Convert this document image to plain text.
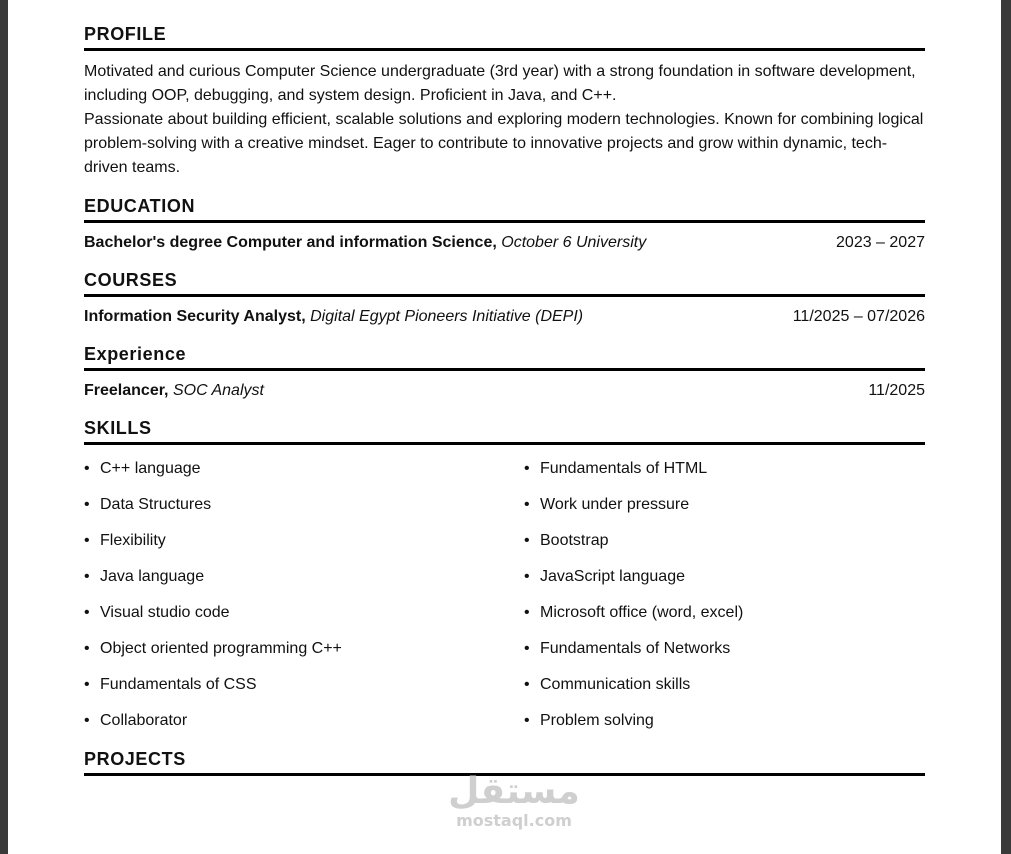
PROFILE

Motivated and curious Computer Science undergraduate (3rd year) with a strong foundation in software development, including OOP, debugging, and system design. Proficient in Java, and C++.

Passionate about building efficient, scalable solutions and exploring modern technologies. Known for combining logical problem-solving with a creative mindset. Eager to contribute to innovative projects and grow within dynamic, tech-driven teams.

EDUCATION
Bachelor's degree Computer and information Science, October 6 University	2023 – 2027
COURSES
Information Security Analyst, Digital Egypt Pioneers Initiative (DEPI)	11/2025 – 07/2026
Experience
Freelancer, SOC Analyst	11/2025
SKILLS
• C++ language	• Fundamentals of HTML
• Data Structures	• Work under pressure
• Flexibility	• Bootstrap
• Java language	• JavaScript language
• Visual studio code	• Microsoft office (word, excel)
• Object oriented programming C++	• Fundamentals of Networks
• Fundamentals of CSS	• Communication skills
• Collaborator	• Problem solving
PROJECTS
مستقل
mostaql.com
